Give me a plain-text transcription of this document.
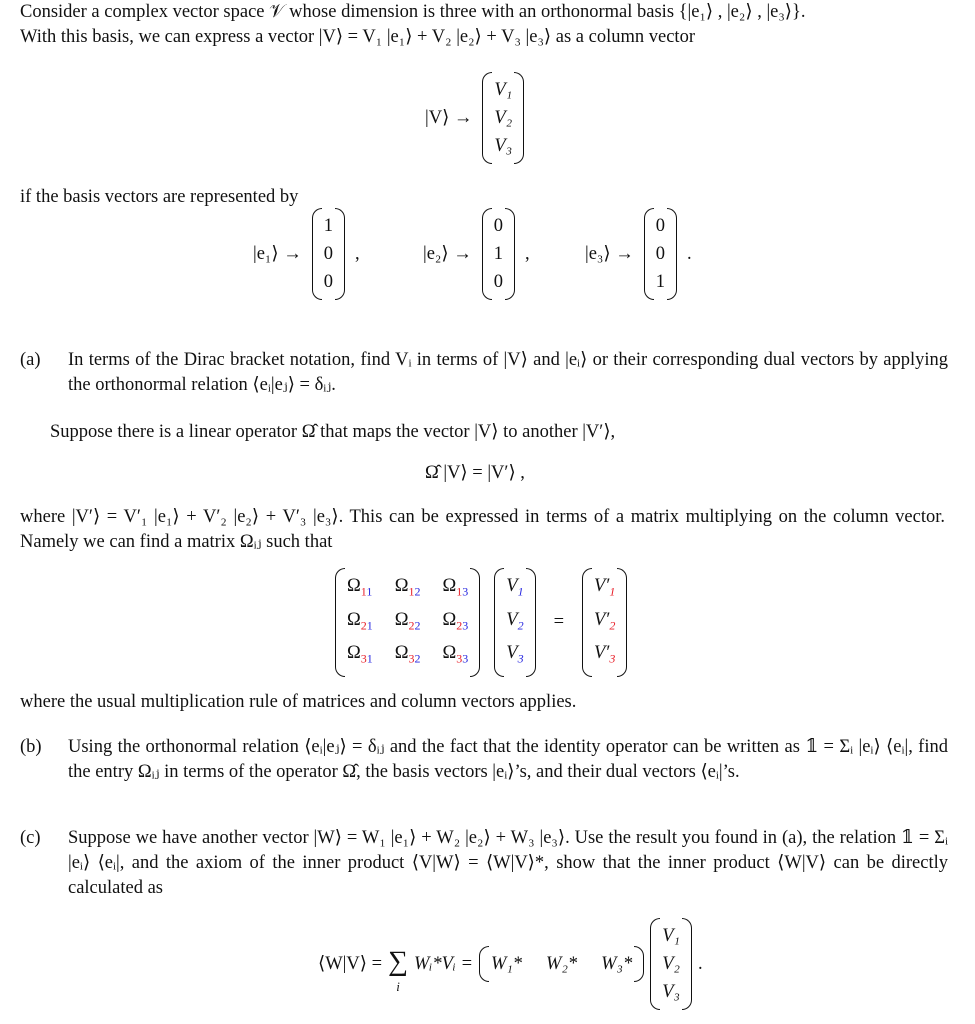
Consider a complex vector space 𝒱 whose dimension is three with an orthonormal basis {|e₁⟩ , |e₂⟩ , |e₃⟩}.
With this basis, we can express a vector |V⟩ = V₁ |e₁⟩ + V₂ |e₂⟩ + V₃ |e₃⟩ as a column vector
|V⟩ →
V₁
V₂
V₃
if the basis vectors are represented by
|e₁⟩ →
1
0
0
,	|e₂⟩ →
0
1
0
,	|e₃⟩ →
0
0
1
.
(a) In terms of the Dirac bracket notation, find Vᵢ in terms of |V⟩ and |eᵢ⟩ or their corresponding dual vectors by applying the orthonormal relation ⟨eᵢ|eⱼ⟩ = δᵢⱼ.
Suppose there is a linear operator Ω̂ that maps the vector |V⟩ to another |V′⟩,
Ω̂ |V⟩ = |V′⟩ ,
where |V′⟩ = V′₁ |e₁⟩ + V′₂ |e₂⟩ + V′₃ |e₃⟩. This can be expressed in terms of a matrix multiplying on the column vector. Namely we can find a matrix Ωᵢⱼ such that
$\Omega_{11}$ $\Omega_{12}$ $\Omega_{13}$
$\Omega_{21}$ $\Omega_{22}$ $\Omega_{23}$
$\Omega_{31}$ $\Omega_{32}$ $\Omega_{33}$
$V_1$
$V_2$
$V_3$
=
$V'_1$
$V'_2$
$V'_3$
where the usual multiplication rule of matrices and column vectors applies.
(b) Using the orthonormal relation ⟨eᵢ|eⱼ⟩ = δᵢⱼ and the fact that the identity operator can be written as 𝟙 = Σᵢ |eᵢ⟩ ⟨eᵢ|, find the entry Ωᵢⱼ in terms of the operator Ω̂, the basis vectors |eᵢ⟩’s, and their dual vectors ⟨eᵢ|’s.
(c) Suppose we have another vector |W⟩ = W₁ |e₁⟩ + W₂ |e₂⟩ + W₃ |e₃⟩. Use the result you found in (a), the relation 𝟙 = Σᵢ |eᵢ⟩ ⟨eᵢ|, and the axiom of the inner product ⟨V|W⟩ = ⟨W|V⟩*, show that the inner product ⟨W|V⟩ can be directly calculated as
⟨W|V⟩ = ∑
i
Wᵢ*Vᵢ = W₁* W₂* W₃*
V₁
V₂
V₃
.
